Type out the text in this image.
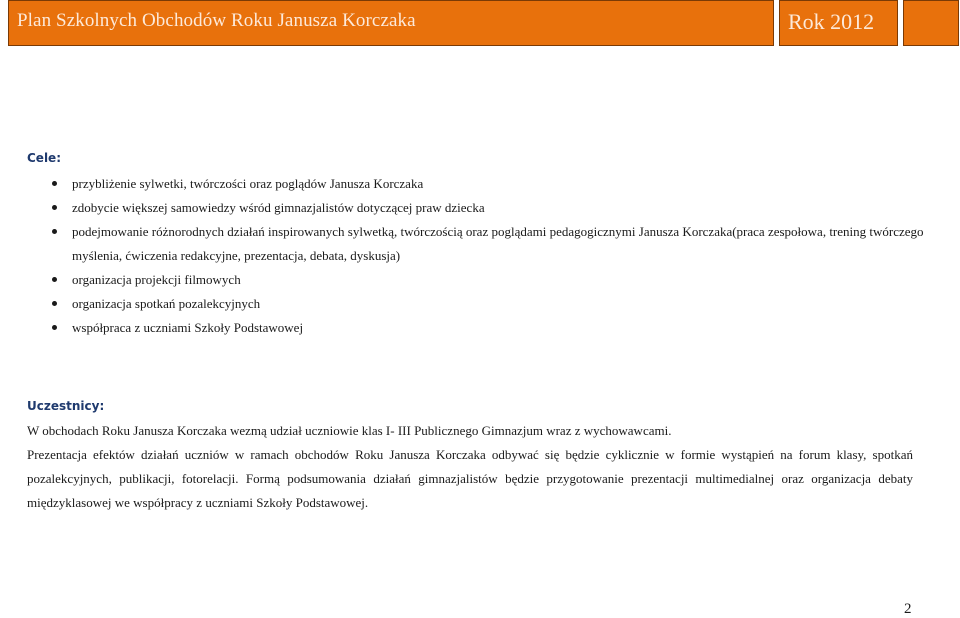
Plan Szkolnych Obchodów Roku Janusza Korczaka	Rok 2012
Cele:
przybliżenie sylwetki, twórczości oraz poglądów Janusza Korczaka
zdobycie większej samowiedzy wśród gimnazjalistów dotyczącej praw dziecka
podejmowanie różnorodnych działań inspirowanych sylwetką, twórczością oraz poglądami pedagogicznymi Janusza Korczaka(praca zespołowa, trening twórczego myślenia, ćwiczenia redakcyjne, prezentacja, debata, dyskusja)
organizacja projekcji filmowych
organizacja spotkań pozalekcyjnych
współpraca z uczniami Szkoły Podstawowej
Uczestnicy:

W obchodach Roku Janusza Korczaka wezmą udział uczniowie klas I- III Publicznego Gimnazjum wraz z wychowawcami.

Prezentacja efektów działań uczniów w ramach obchodów Roku Janusza Korczaka odbywać się będzie cyklicznie w formie wystąpień na forum klasy, spotkań pozalekcyjnych, publikacji, fotorelacji. Formą podsumowania działań gimnazjalistów będzie przygotowanie prezentacji multimedialnej oraz organizacja debaty międzyklasowej we współpracy z uczniami Szkoły Podstawowej.

2
